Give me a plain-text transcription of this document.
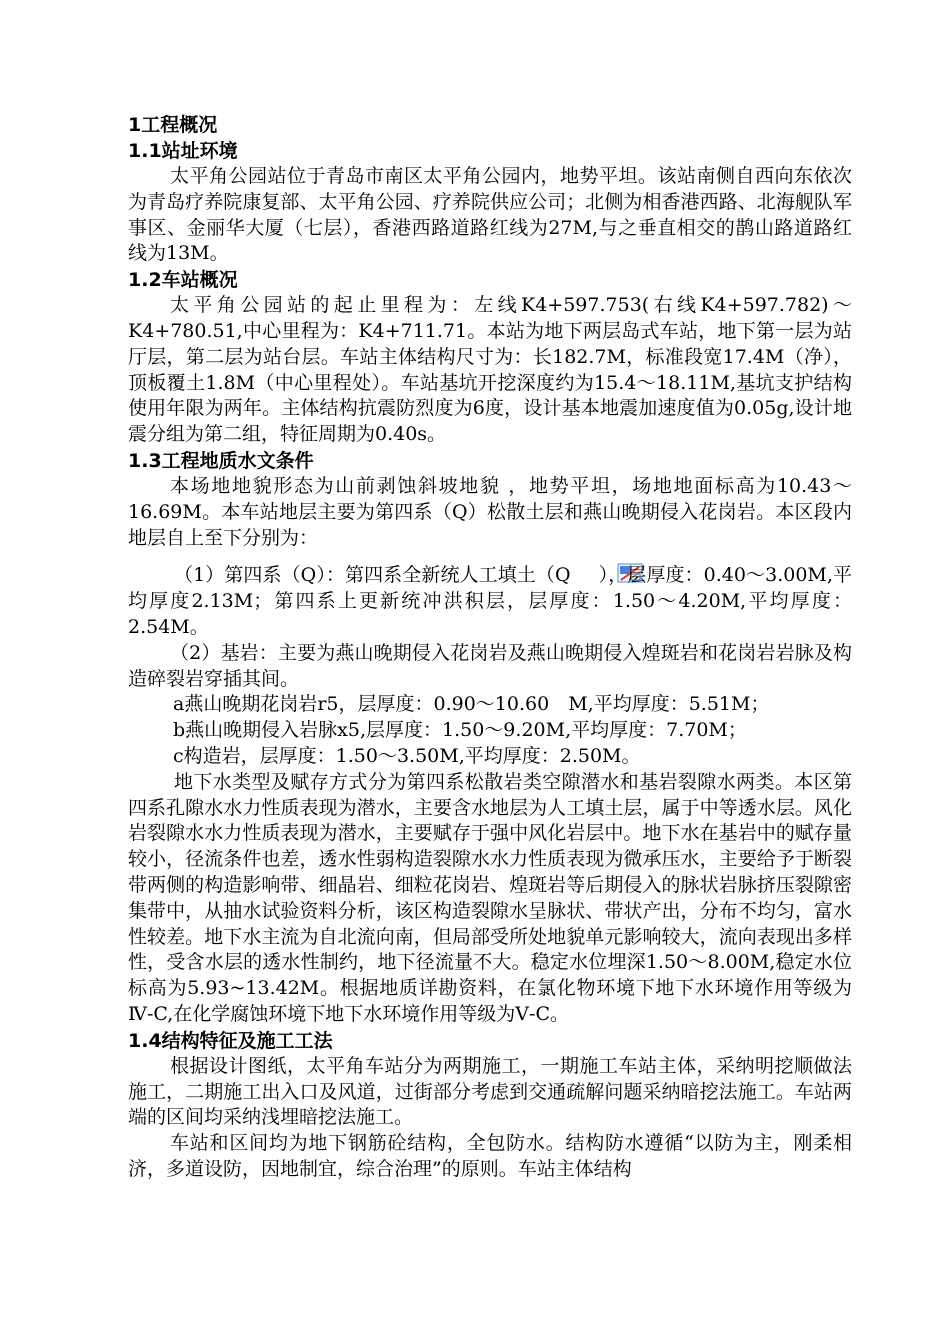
1工程概况

1.1站址环境

太平角公园站位于青岛市南区太平角公园内，地势平坦。该站南侧自西向东依次为青岛疗养院康复部、太平角公园、疗养院供应公司；北侧为相香港西路、北海舰队军事区、金丽华大厦（七层），香港西路道路红线为27M,与之垂直相交的鹊山路道路红线为13M。

1.2车站概况

太平角公园站的起止里程为：左线K4+597.753(右线K4+597.782)～K4+780.51,中心里程为：K4+711.71。本站为地下两层岛式车站，地下第一层为站厅层，第二层为站台层。车站主体结构尺寸为：长182.7M，标准段宽17.4M（净），顶板覆土1.8M（中心里程处）。车站基坑开挖深度约为15.4～18.11M,基坑支护结构使用年限为两年。主体结构抗震防烈度为6度，设计基本地震加速度值为0.05g,设计地震分组为第二组，特征周期为0.40s。

1.3工程地质水文条件

本场地地貌形态为山前剥蚀斜坡地貌 ，地势平坦，场地地面标高为10.43～16.69M。本车站地层主要为第四系（Q）松散土层和燕山晚期侵入花岗岩。本区段内地层自上至下分别为：

（1）第四系（Q）：第四系全新统人工填土（Q ），层厚度：0.40～3.00M,平均厚度2.13M；第四系上更新统冲洪积层，层厚度：1.50～4.20M,平均厚度：2.54M。

（2）基岩：主要为燕山晚期侵入花岗岩及燕山晚期侵入煌斑岩和花岗岩岩脉及构造碎裂岩穿插其间。

a燕山晚期花岗岩r5，层厚度：0.90～10.60　M,平均厚度：5.51M；

b燕山晚期侵入岩脉x5,层厚度：1.50～9.20M,平均厚度：7.70M；

c构造岩，层厚度：1.50～3.50M,平均厚度：2.50M。

地下水类型及赋存方式分为第四系松散岩类空隙潜水和基岩裂隙水两类。本区第四系孔隙水水力性质表现为潜水，主要含水地层为人工填土层，属于中等透水层。风化岩裂隙水水力性质表现为潜水，主要赋存于强中风化岩层中。地下水在基岩中的赋存量较小，径流条件也差，透水性弱构造裂隙水水力性质表现为微承压水，主要给予于断裂带两侧的构造影响带、细晶岩、细粒花岗岩、煌斑岩等后期侵入的脉状岩脉挤压裂隙密集带中，从抽水试验资料分析，该区构造裂隙水呈脉状、带状产出，分布不均匀，富水性较差。地下水主流为自北流向南，但局部受所处地貌单元影响较大，流向表现出多样性，受含水层的透水性制约，地下径流量不大。稳定水位埋深1.50～8.00M,稳定水位标高为5.93~13.42M。根据地质详勘资料，在氯化物环境下地下水环境作用等级为Ⅳ-C,在化学腐蚀环境下地下水环境作用等级为Ⅴ-C。

1.4结构特征及施工工法

根据设计图纸，太平角车站分为两期施工，一期施工车站主体，采纳明挖顺做法施工，二期施工出入口及风道，过街部分考虑到交通疏解问题采纳暗挖法施工。车站两端的区间均采纳浅埋暗挖法施工。

车站和区间均为地下钢筋砼结构，全包防水。结构防水遵循“以防为主，刚柔相济，多道设防，因地制宜，综合治理”的原则。车站主体结构
